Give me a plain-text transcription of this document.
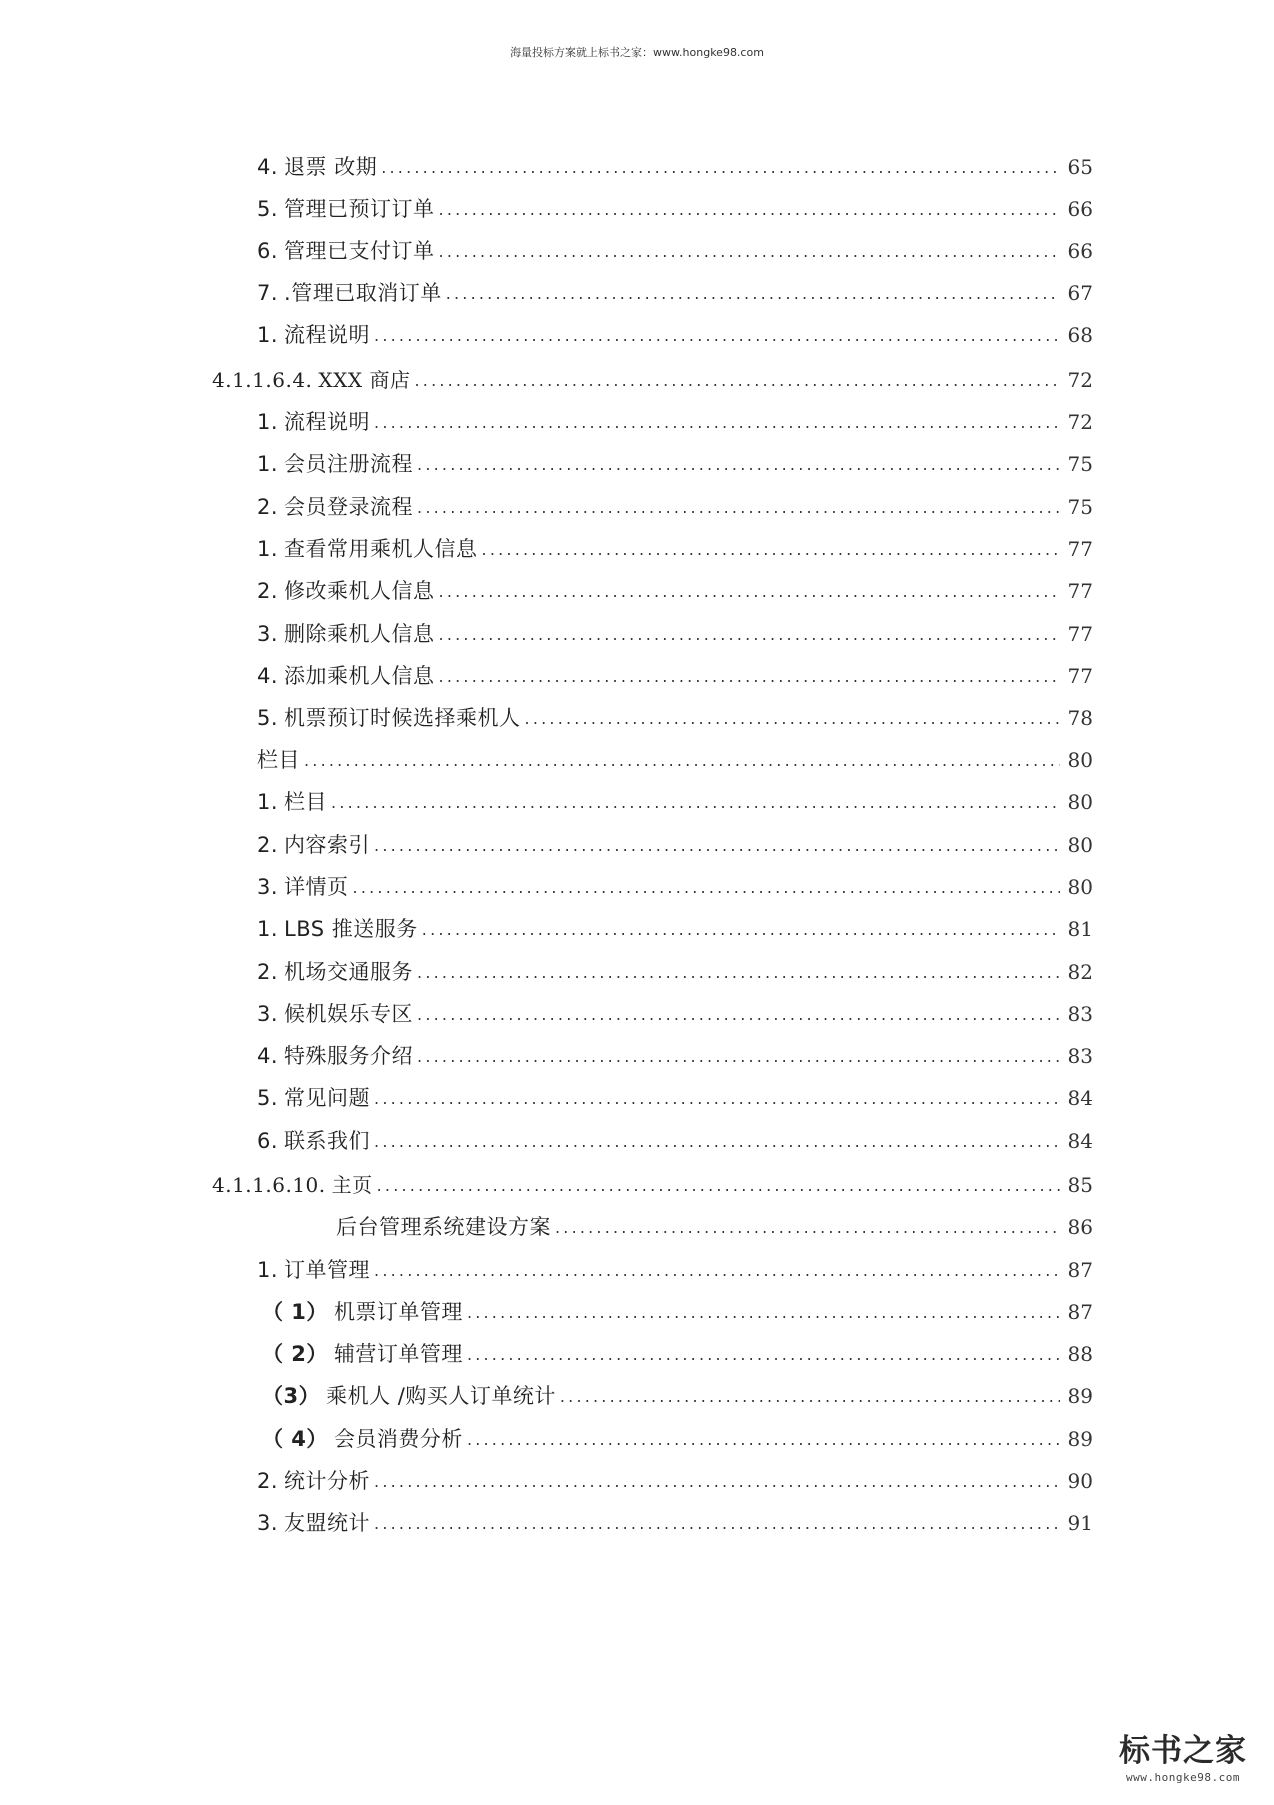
海量投标方案就上标书之家：www.hongke98.com
4. 退票 改期 .....	65
5. 管理已预订订单 .....	66
6. 管理已支付订单 .....	66
7. .管理已取消订单 .....	67
1. 流程说明 .....	68
4.1.1.6.4. XXX 商店 .....	72
1. 流程说明 .....	72
1. 会员注册流程 .....	75
2. 会员登录流程 .....	75
1. 查看常用乘机人信息 .....	77
2. 修改乘机人信息 .....	77
3. 删除乘机人信息 .....	77
4. 添加乘机人信息 .....	77
5. 机票预订时候选择乘机人 .....	78
栏目 .....	80
1. 栏目 .....	80
2. 内容索引 .....	80
3. 详情页 .....	80
1. LBS 推送服务 .....	81
2. 机场交通服务 .....	82
3. 候机娱乐专区 .....	83
4. 特殊服务介绍 .....	83
5. 常见问题 .....	84
6. 联系我们 .....	84
4.1.1.6.10. 主页 .....	85
后台管理系统建设方案 .....	86
1. 订单管理 .....	87
（ 1） 机票订单管理 .....	87
（ 2） 辅营订单管理 .....	88
（3） 乘机人 /购买人订单统计 .....	89
（ 4） 会员消费分析 .....	89
2. 统计分析 .....	90
3. 友盟统计 .....	91
标书之家
www.hongke98.com
